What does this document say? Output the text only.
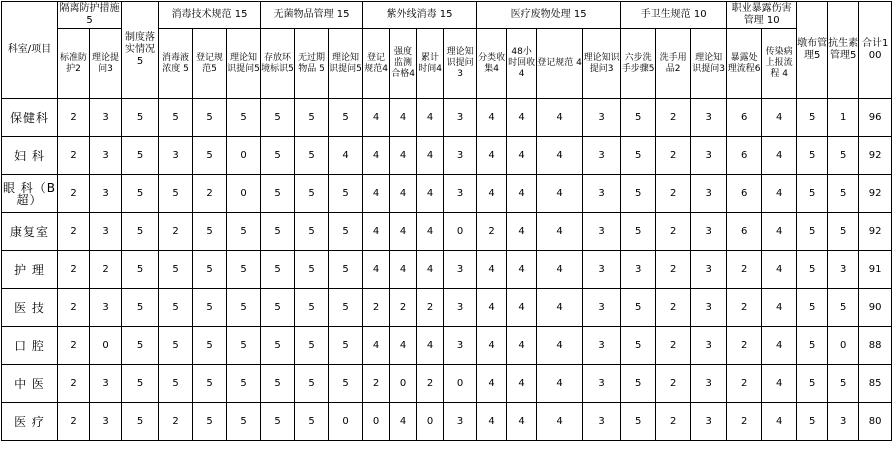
科室/项目	隔离防护措施5		制度落实情况5	消毒技术规范 15			无菌物品管理 15			紫外线消毒 15				医疗废物处理 15				手卫生规范 10			职业暴露伤害管理 10		墩布管理5	抗生素管理5	合计100
	标准防护2	理论提问3		消毒液浓度 5	登记规范5	理论知识提问5	存放环境标识5	无过期物品 5	理论知识提问5	登记规范4	强度监测合格4	累计时间4	理论知识提问3	分类收集4	48小时回收 4	登记规范 4	理论知识提问3	六步洗手步骤5	洗手用品2	理论知识提问3	暴露处理流程6	传染病上报流程 4			
保健科	2	3	5	5	5	5	5	5	5	4	4	4	3	4	4	4	3	5	2	3	6	4	5	1	96
妇 科	2	3	5	3	5	0	5	5	4	4	4	4	3	4	4	4	3	5	2	3	6	4	5	5	92
眼 科（B超）	2	3	5	5	2	0	5	5	5	4	4	4	3	4	4	4	3	5	2	3	6	4	5	5	92
康复室	2	3	5	2	5	5	5	5	5	4	4	4	0	2	4	4	3	5	2	3	6	4	5	5	92
护 理	2	2	5	5	5	5	5	5	5	4	4	4	3	4	4	4	3	3	2	3	2	4	5	3	91
医 技	2	3	5	5	5	5	5	5	5	2	2	2	3	4	4	4	3	5	2	3	2	4	5	5	90
口 腔	2	0	5	5	5	5	5	5	5	4	4	4	3	4	4	4	3	5	2	3	2	4	5	0	88
中 医	2	3	5	5	5	5	5	5	5	2	0	2	0	4	4	4	3	5	2	3	2	4	5	5	85
医 疗	2	3	5	2	5	5	5	5	0	0	4	0	3	4	4	4	3	5	2	3	2	4	5	3	80
